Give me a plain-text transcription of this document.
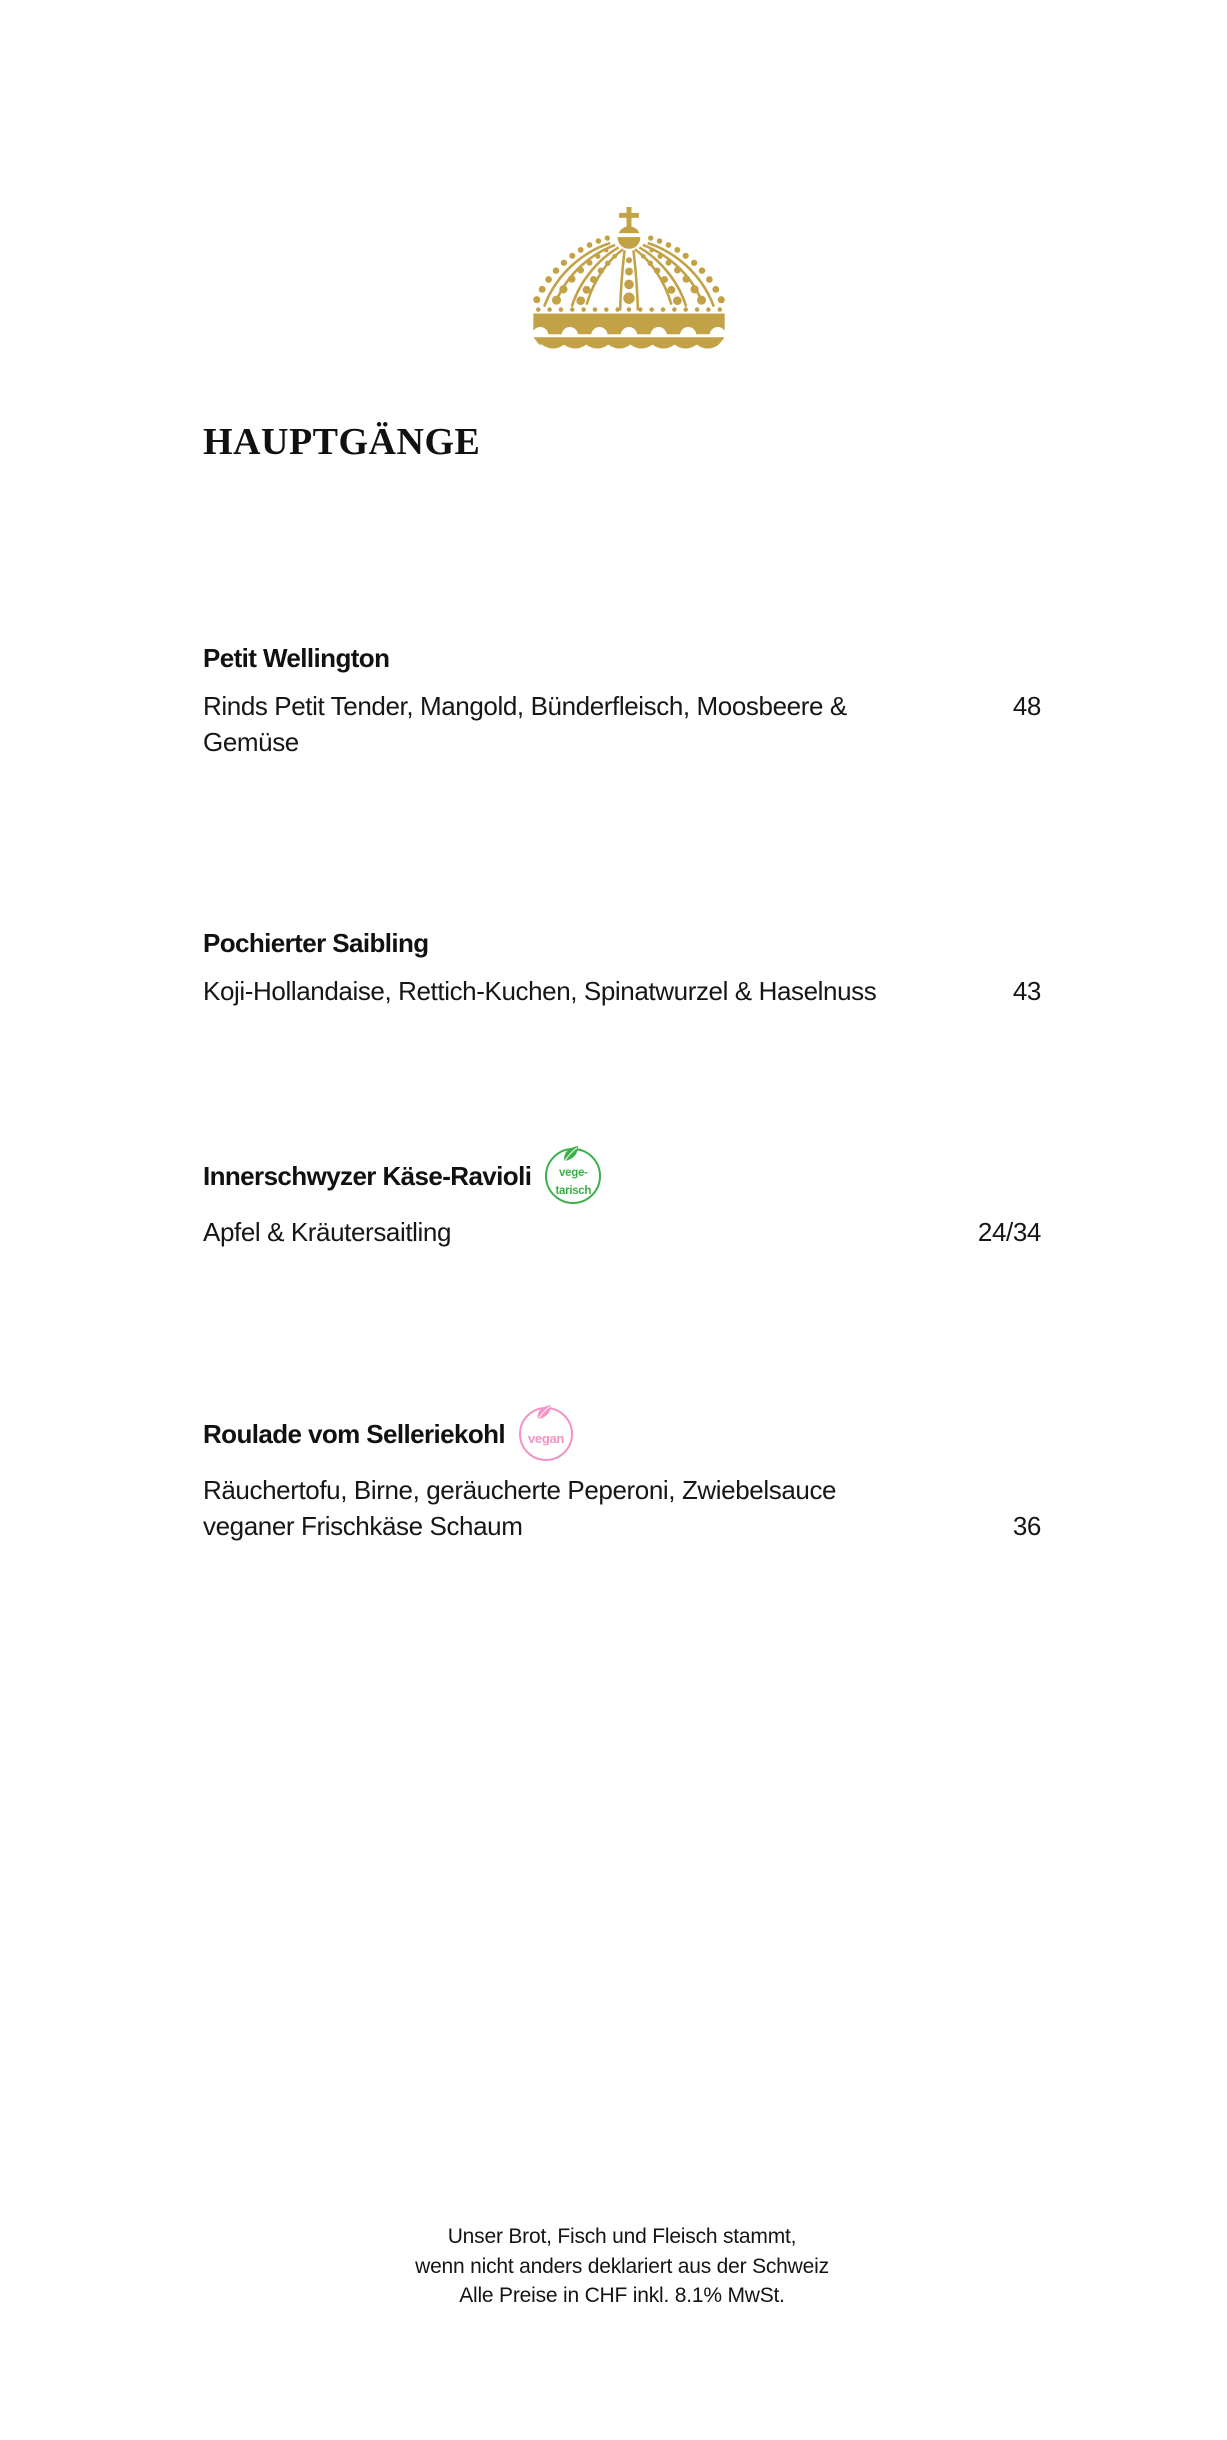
HAUPTGÄNGE
Petit Wellington
Rinds Petit Tender, Mangold, Bünderfleisch, Moosbeere &	48
Gemüse
Pochierter Saibling
Koji-Hollandaise, Rettich-Kuchen, Spinatwurzel & Haselnuss	43
Innerschwyzer Käse-Ravioli	vege-
tarisch
Apfel & Kräutersaitling	24/34
Roulade vom Selleriekohl vegan
Räuchertofu, Birne, geräucherte Peperoni, Zwiebelsauce
veganer Frischkäse Schaum	36
Unser Brot, Fisch und Fleisch stammt,
wenn nicht anders deklariert aus der Schweiz
Alle Preise in CHF inkl. 8.1% MwSt.
